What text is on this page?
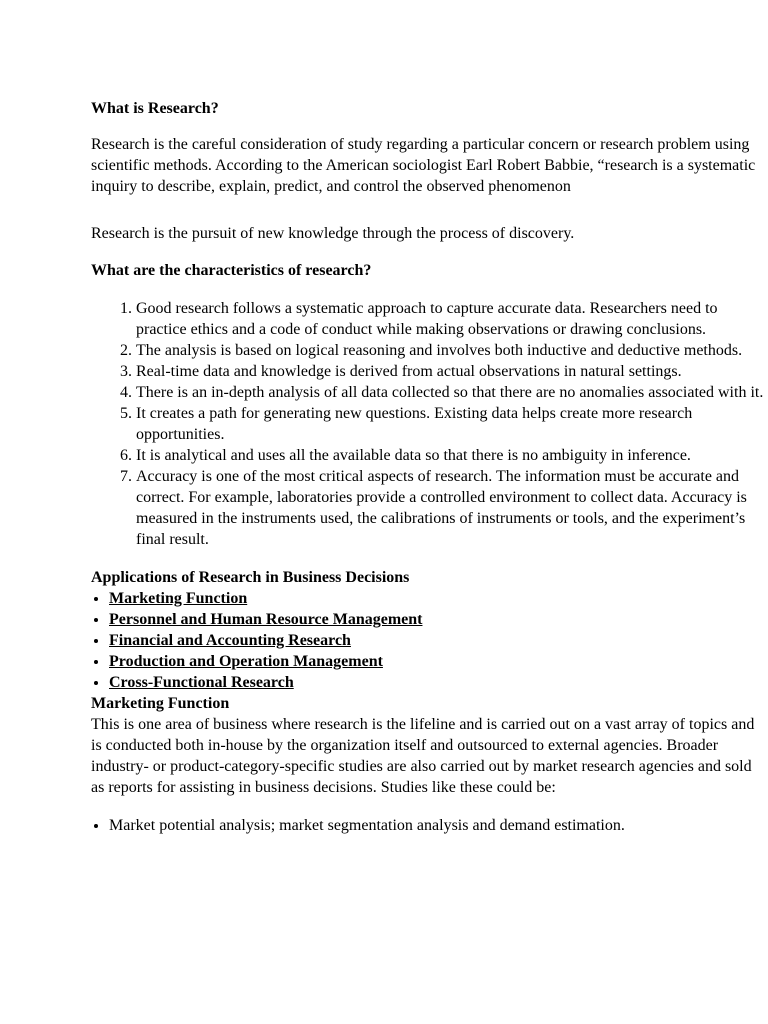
What is Research?

Research is the careful consideration of study regarding a particular concern or research problem using scientific methods. According to the American sociologist Earl Robert Babbie, “research is a systematic inquiry to describe, explain, predict, and control the observed phenomenon

Research is the pursuit of new knowledge through the process of discovery.

What are the characteristics of research?
1. Good research follows a systematic approach to capture accurate data. Researchers need to practice ethics and a code of conduct while making observations or drawing conclusions.
2. The analysis is based on logical reasoning and involves both inductive and deductive methods.
3. Real-time data and knowledge is derived from actual observations in natural settings.
4. There is an in-depth analysis of all data collected so that there are no anomalies associated with it.
5. It creates a path for generating new questions. Existing data helps create more research opportunities.
6. It is analytical and uses all the available data so that there is no ambiguity in inference.
7. Accuracy is one of the most critical aspects of research. The information must be accurate and correct. For example, laboratories provide a controlled environment to collect data. Accuracy is measured in the instruments used, the calibrations of instruments or tools, and the experiment’s final result.
Applications of Research in Business Decisions
• Marketing Function
• Personnel and Human Resource Management
• Financial and Accounting Research
• Production and Operation Management
• Cross-Functional Research
Marketing Function

This is one area of business where research is the lifeline and is carried out on a vast array of topics and is conducted both in-house by the organization itself and outsourced to external agencies. Broader industry- or product-category-specific studies are also carried out by market research agencies and sold as reports for assisting in business decisions. Studies like these could be:

• Market potential analysis; market segmentation analysis and demand estimation.
